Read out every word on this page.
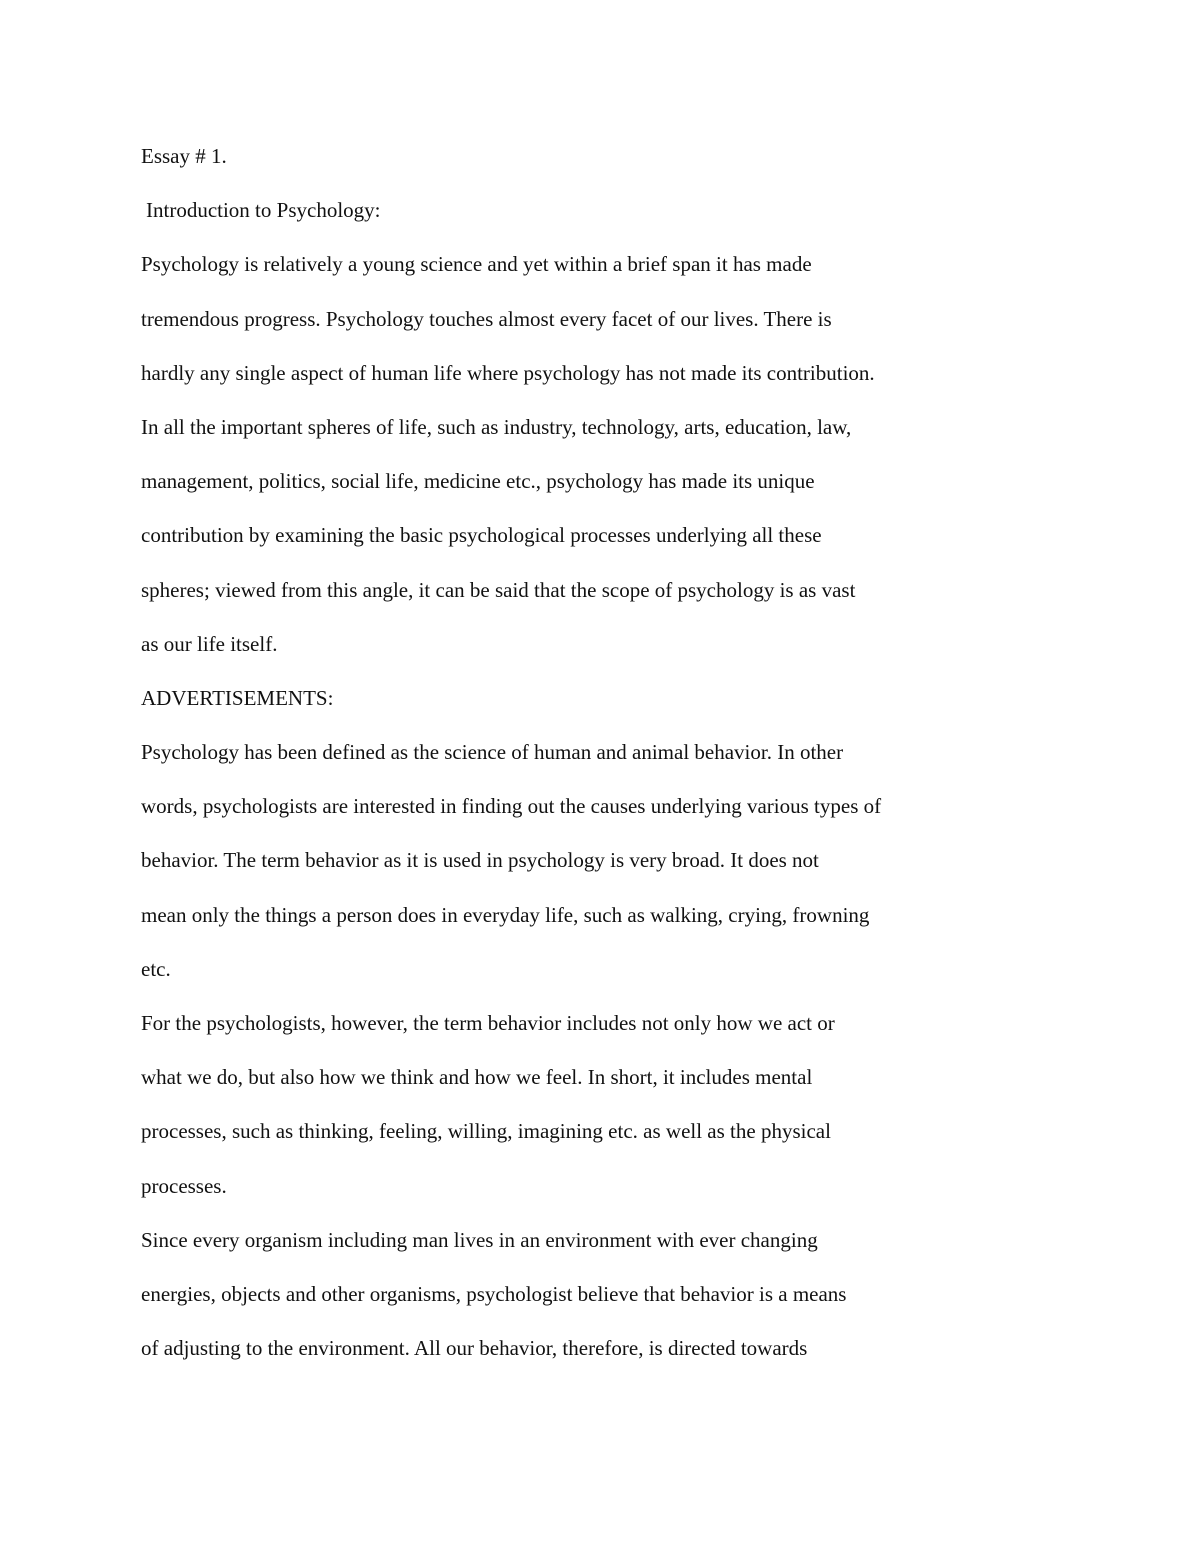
Essay # 1.
Introduction to Psychology:
Psychology is relatively a young science and yet within a brief span it has made
tremendous progress. Psychology touches almost every facet of our lives. There is
hardly any single aspect of human life where psychology has not made its contribution.
In all the important spheres of life, such as industry, technology, arts, education, law,
management, politics, social life, medicine etc., psychology has made its unique
contribution by examining the basic psychological processes underlying all these
spheres; viewed from this angle, it can be said that the scope of psychology is as vast
as our life itself.
ADVERTISEMENTS:
Psychology has been defined as the science of human and animal behavior. In other
words, psychologists are interested in finding out the causes underlying various types of
behavior. The term behavior as it is used in psychology is very broad. It does not
mean only the things a person does in everyday life, such as walking, crying, frowning
etc.
For the psychologists, however, the term behavior includes not only how we act or
what we do, but also how we think and how we feel. In short, it includes mental
processes, such as thinking, feeling, willing, imagining etc. as well as the physical
processes.
Since every organism including man lives in an environment with ever changing
energies, objects and other organisms, psychologist believe that behavior is a means
of adjusting to the environment. All our behavior, therefore, is directed towards
